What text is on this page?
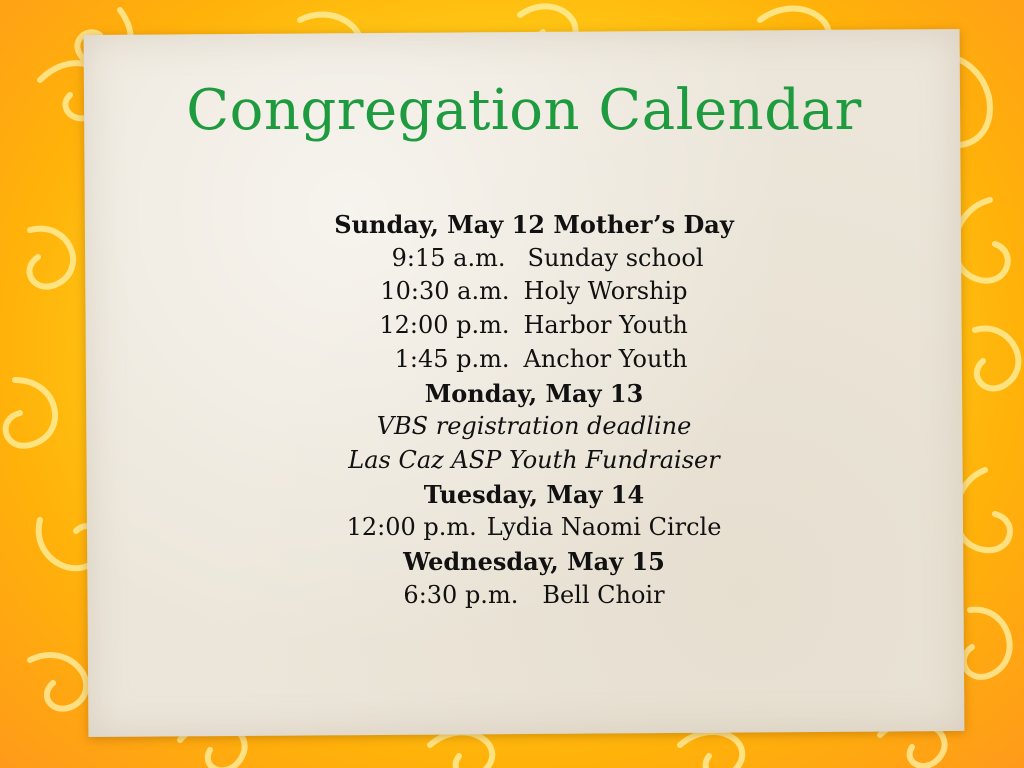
Congregation Calendar
Sunday, May 12 Mother’s Day
9:15 a.m. Sunday school
10:30 a.m. Holy Worship
12:00 p.m. Harbor Youth
1:45 p.m. Anchor Youth
Monday, May 13
VBS registration deadline
Las Caz ASP Youth Fundraiser
Tuesday, May 14
12:00 p.m. Lydia Naomi Circle
Wednesday, May 15
6:30 p.m. Bell Choir
